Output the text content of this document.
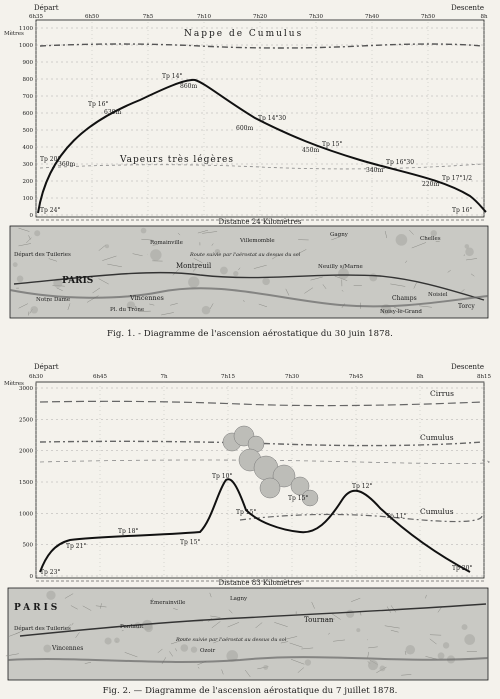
1100
1000
900
800
700
600
500
400
300
200
100
0
6h35	6h50	7h5	7h10	7h20	7h30	7h40	7h50	8h
Départ	Descente
Mètres	Nappe de Cumulus
Vapeurs très légères
Tp 24°
Tp 20°
Tp 16°
Tp 14°
Tp 14°30
Tp 15°
Tp 16°30
Tp 17°1/2
Tp 16°
360m
630m
860m
600m
450m
340m
220m
Distance 24 Kilomètres
Départ des Tuileries
PARIS
Notre Dame
Montreuil
Vincennes
Pl. du Trône
Romainville	Villemomble
Gagny
Chelles
Neuilly s/Marne
Champs Noisiel
Torcy
Noisy-le-Grand
Route suivie par l'aérostat au dessus du sol
Fig. 1. - Diagramme de l'ascension aérostatique du 30 juin 1878.
3000
2500
2000
1500
1000
500
0
6h30	6h45	7h	7h15	7h30	7h45	8h	8h15
Départ	Descente
Mètres
Cirrus
Cumulus
Cumulus
Tp 23°
Tp 21°
Tp 18°
Tp 15°
Tp 10°
Tp 15°
Tp 15°
Tp 12°
Tp 11°
Tp 20°
Distance 83 Kilomètres
PARIS
Départ des Tuileries
Vincennes
Émerainville
Tournan
Pontault
Lagny
Ozoir
Route suivie par l'aérostat au dessus du sol
Fig. 2. — Diagramme de l'ascension aérostatique du 7 juillet 1878.
